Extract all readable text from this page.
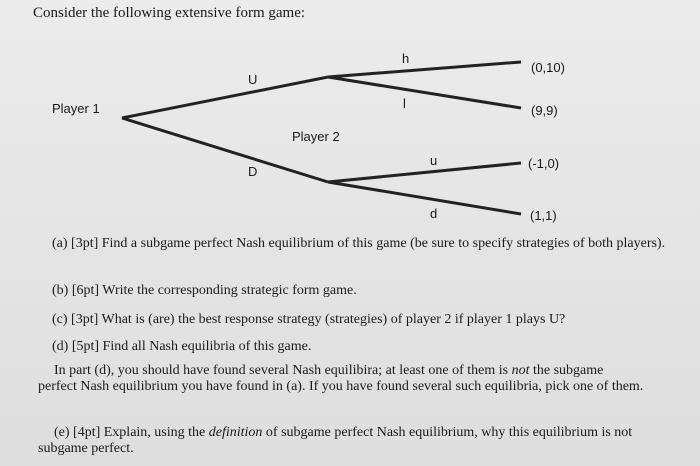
Consider the following extensive form game:
Player 1
Player 2
U
D
h
l
u
d
(0,10)
(9,9)
(-1,0)
(1,1)
(a) [3pt] Find a subgame perfect Nash equilibrium of this game (be sure to specify strategies of both players).
(b) [6pt] Write the corresponding strategic form game.
(c) [3pt] What is (are) the best response strategy (strategies) of player 2 if player 1 plays U?
(d) [5pt] Find all Nash equilibria of this game.
In part (d), you should have found several Nash equilibira; at least one of them is not the subgame
perfect Nash equilibrium you have found in (a). If you have found several such equilibria, pick one of them.
(e) [4pt] Explain, using the definition of subgame perfect Nash equilibrium, why this equilibrium is not subgame perfect.
